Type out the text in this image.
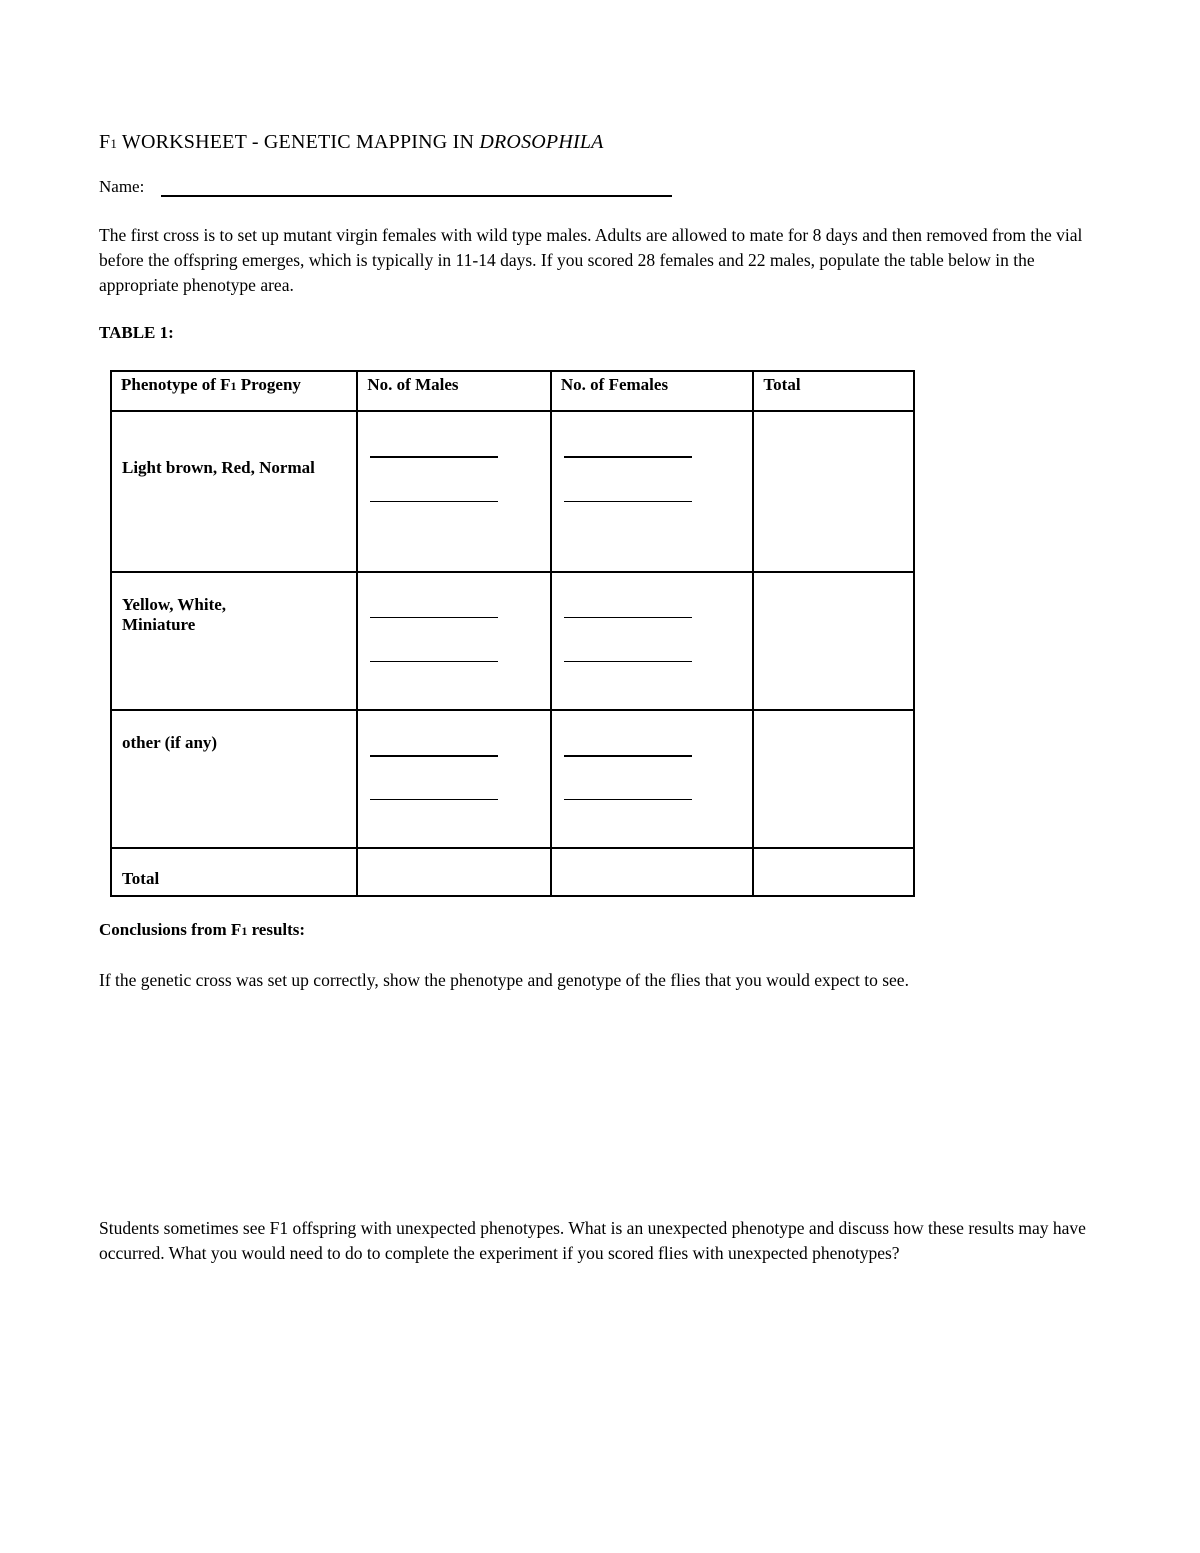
F1 WORKSHEET - GENETIC MAPPING IN DROSOPHILA
Name:
The first cross is to set up mutant virgin females with wild type males. Adults are allowed to mate for 8 days and then removed from the vial before the offspring emerges, which is typically in 11-14 days. If you scored 28 females and 22 males, populate the table below in the appropriate phenotype area.
TABLE 1:
Phenotype of F1 Progeny	No. of Males	No. of Females	Total

Light brown, Red, Normal			

Yellow, White,
Miniature			

other (if any)			

Total			

Conclusions from F1 results:
If the genetic cross was set up correctly, show the phenotype and genotype of the flies that you would expect to see.
Students sometimes see F1 offspring with unexpected phenotypes. What is an unexpected phenotype and discuss how these results may have occurred. What you would need to do to complete the experiment if you scored flies with unexpected phenotypes?
